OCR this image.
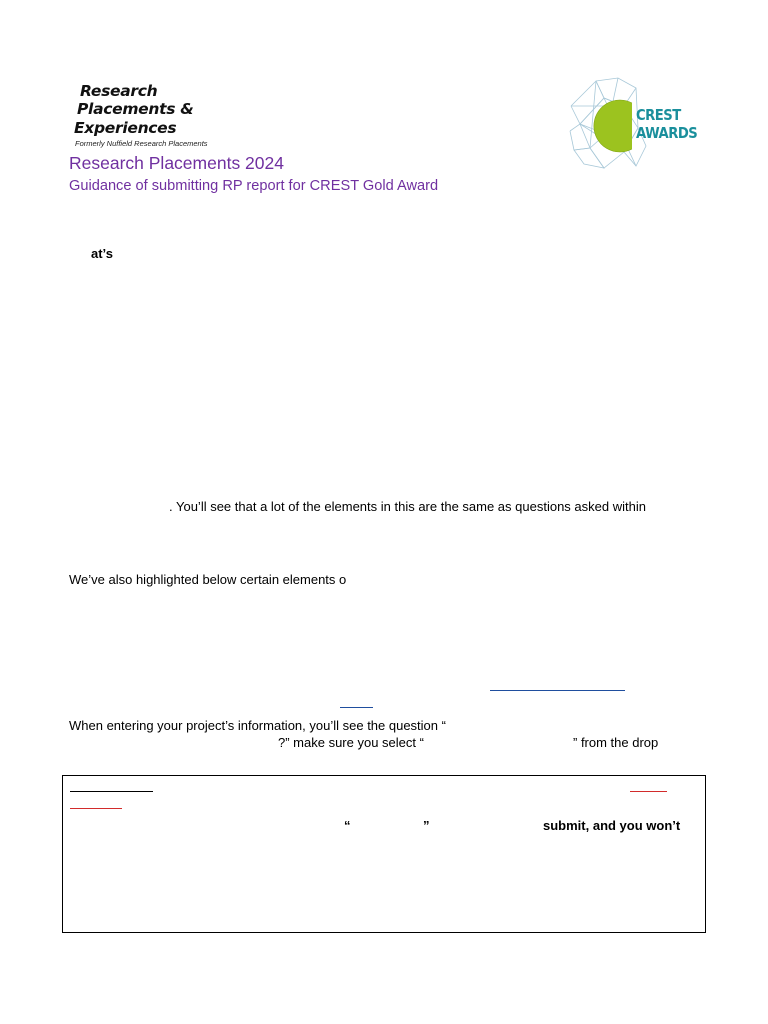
Research
Placements &
Experiences
Formerly Nuffield Research Placements
Research Placements 2024
Guidance of submitting RP report for CREST Gold Award
CREST
AWARDS
at’s
. You’ll see that a lot of the elements in this are the same as questions asked within
We’ve also highlighted below certain elements o
When entering your project’s information, you’ll see the question “
?” make sure you select “	” from the drop
“	”	submit, and you won’t
